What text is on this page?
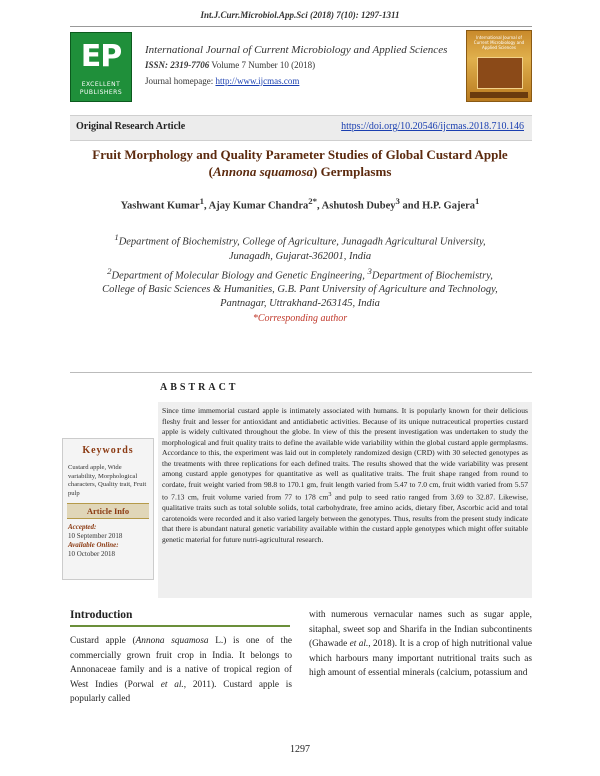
Int.J.Curr.Microbiol.App.Sci (2018) 7(10): 1297-1311
EP
EXCELLENT
PUBLISHERS
International Journal of Current Microbiology and Applied Sciences
ISSN: 2319-7706 Volume 7 Number 10 (2018)
Journal homepage: http://www.ijcmas.com
International Journal of Current Microbiology and Applied Sciences
Original Research Article	https://doi.org/10.20546/ijcmas.2018.710.146
Fruit Morphology and Quality Parameter Studies of Global Custard Apple
(Annona squamosa) Germplasms
Yashwant Kumar$^1$, Ajay Kumar Chandra$^{2*}$, Ashutosh Dubey$^3$ and H.P. Gajera$^1$
$^1$Department of Biochemistry, College of Agriculture, Junagadh Agricultural University,
Junagadh, Gujarat-362001, India
$^2$Department of Molecular Biology and Genetic Engineering, $^3$Department of Biochemistry,
College of Basic Sciences & Humanities, G.B. Pant University of Agriculture and Technology,
Pantnagar, Uttrakhand-263145, India
*Corresponding author
ABSTRACT
Since time immemorial custard apple is intimately associated with humans. It is popularly known for their delicious fleshy fruit and lesser for antioxidant and antidiabetic activities. Because of its unique nutraceutical properties custard apple is widely cultivated throughout the globe. In view of this the present investigation was undertaken to study the morphological and fruit quality traits to define the available wide variability within the global custard apple germplasms. Accordance to this, the experiment was laid out in completely randomized design (CRD) with 30 selected genotypes as the treatments with three replications for each defined traits. The results showed that the wide variability was present among custard apple genotypes for quantitative as well as qualitative traits. The fruit shape ranged from round to cordate, fruit weight varied from 98.8 to 170.1 gm, fruit length varied from 5.47 to 7.0 cm, fruit width varied from 5.57 to 7.13 cm, fruit volume varied from 77 to 178 $cm^3$ and pulp to seed ratio ranged from 3.69 to 32.87. Likewise, qualitative traits such as total soluble solids, total carbohydrate, free amino acids, dietary fiber, Ascorbic acid and total carotenoids were recorded and it also varied largely between the genotypes. Thus, results from the present study indicate that there is abundant natural genetic variability available within the custard apple genotypes which might offer suitable genetic material for future nutri-agricultural research.
Keywords
Custard apple, Wide variability, Morphological characters, Quality trait, Fruit pulp
Article Info
Accepted:
10 September 2018
Available Online:
10 October 2018
Introduction
Custard apple (Annona squamosa L.) is one of the commercially grown fruit crop in India. It belongs to Annonaceae family and is a native of tropical region of West Indies (Porwal et al., 2011). Custard apple is popularly called
with numerous vernacular names such as sugar apple, sitaphal, sweet sop and Sharifa in the Indian subcontinents (Ghawade et al., 2018). It is a crop of high nutritional value which harbours many important nutritional traits such as high amount of essential minerals (calcium, potassium and
1297
